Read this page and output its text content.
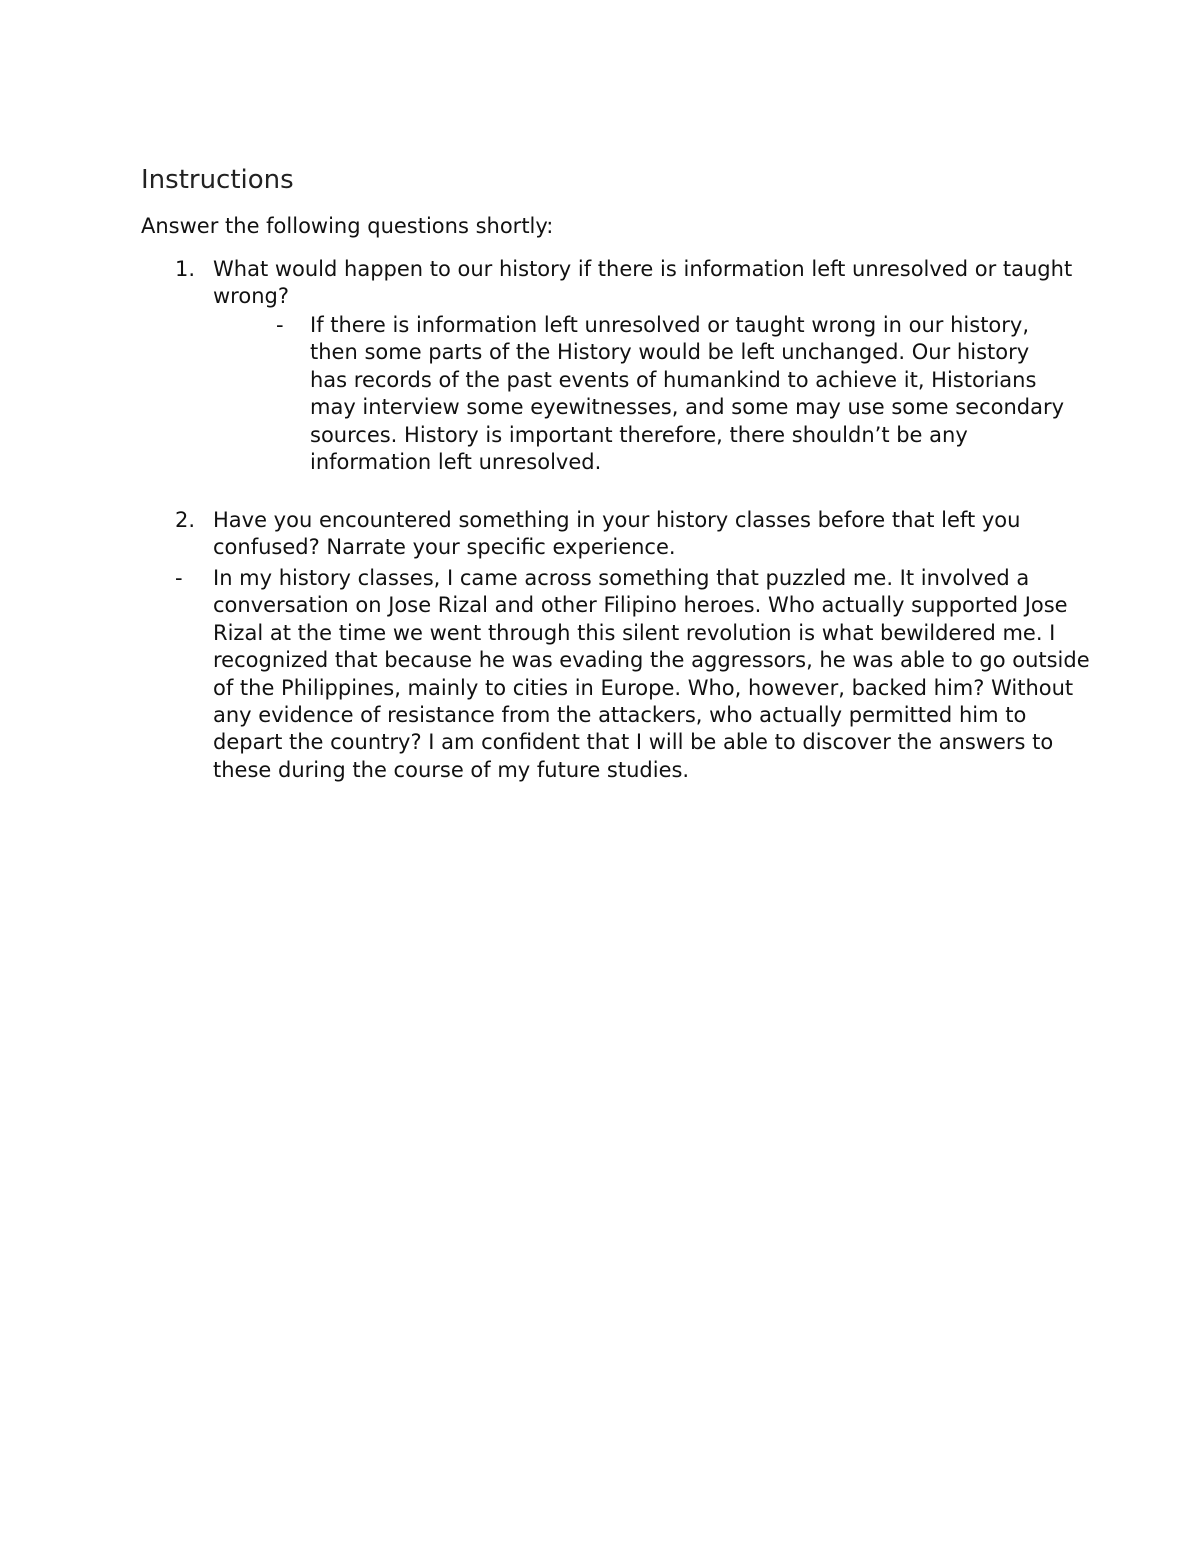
Instructions

Answer the following questions shortly:

1. What would happen to our history if there is information left unresolved or taught wrong?
- If there is information left unresolved or taught wrong in our history, then some parts of the History would be left unchanged. Our history has records of the past events of humankind to achieve it, Historians may interview some eyewitnesses, and some may use some secondary sources. History is important therefore, there shouldn’t be any information left unresolved.
2. Have you encountered something in your history classes before that left you confused? Narrate your specific experience.
- In my history classes, I came across something that puzzled me. It involved a conversation on Jose Rizal and other Filipino heroes. Who actually supported Jose Rizal at the time we went through this silent revolution is what bewildered me. I recognized that because he was evading the aggressors, he was able to go outside of the Philippines, mainly to cities in Europe. Who, however, backed him? Without any evidence of resistance from the attackers, who actually permitted him to depart the country? I am confident that I will be able to discover the answers to these during the course of my future studies.
